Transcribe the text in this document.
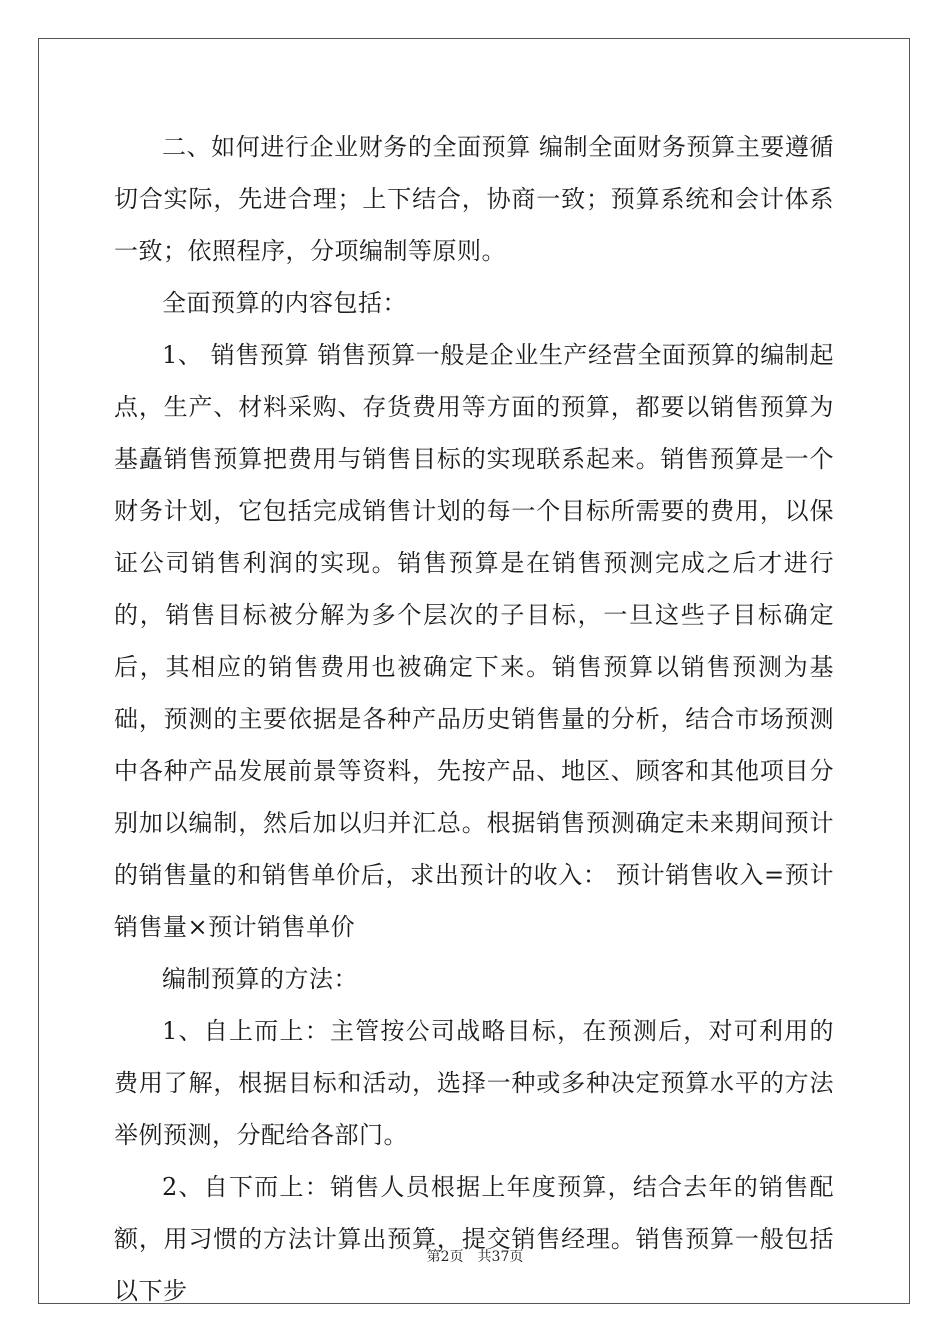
二、如何进行企业财务的全面预算 编制全面财务预算主要遵循切合实际，先进合理；上下结合，协商一致；预算系统和会计体系一致；依照程序，分项编制等原则。

全面预算的内容包括：

1、 销售预算 销售预算一般是企业生产经营全面预算的编制起点，生产、材料采购、存货费用等方面的预算，都要以销售预算为基矗销售预算把费用与销售目标的实现联系起来。销售预算是一个财务计划，它包括完成销售计划的每一个目标所需要的费用，以保证公司销售利润的实现。销售预算是在销售预测完成之后才进行的，销售目标被分解为多个层次的子目标，一旦这些子目标确定后，其相应的销售费用也被确定下来。销售预算以销售预测为基础，预测的主要依据是各种产品历史销售量的分析，结合市场预测中各种产品发展前景等资料，先按产品、地区、顾客和其他项目分别加以编制，然后加以归并汇总。根据销售预测确定未来期间预计的销售量的和销售单价后，求出预计的收入： 预计销售收入=预计销售量×预计销售单价

编制预算的方法：

1、自上而上：主管按公司战略目标，在预测后，对可利用的费用了解，根据目标和活动，选择一种或多种决定预算水平的方法举例预测，分配给各部门。

2、自下而上：销售人员根据上年度预算，结合去年的销售配额，用习惯的方法计算出预算，提交销售经理。销售预算一般包括以下步

第2页 共37页
